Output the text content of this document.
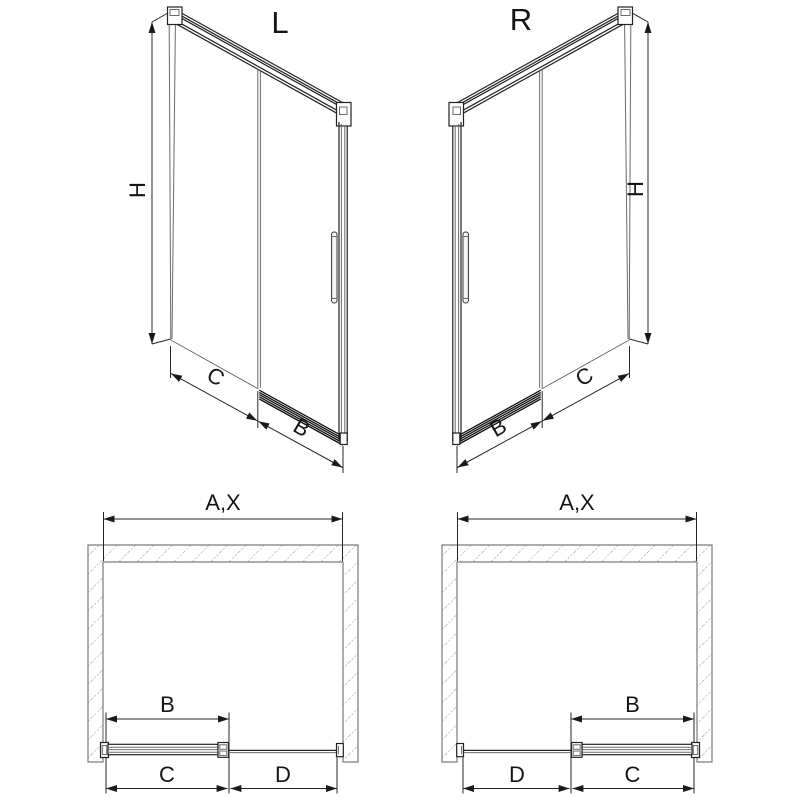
L	R
H	H
C
B
C
B
A,X
B
C	D
A,X
B
D	C
